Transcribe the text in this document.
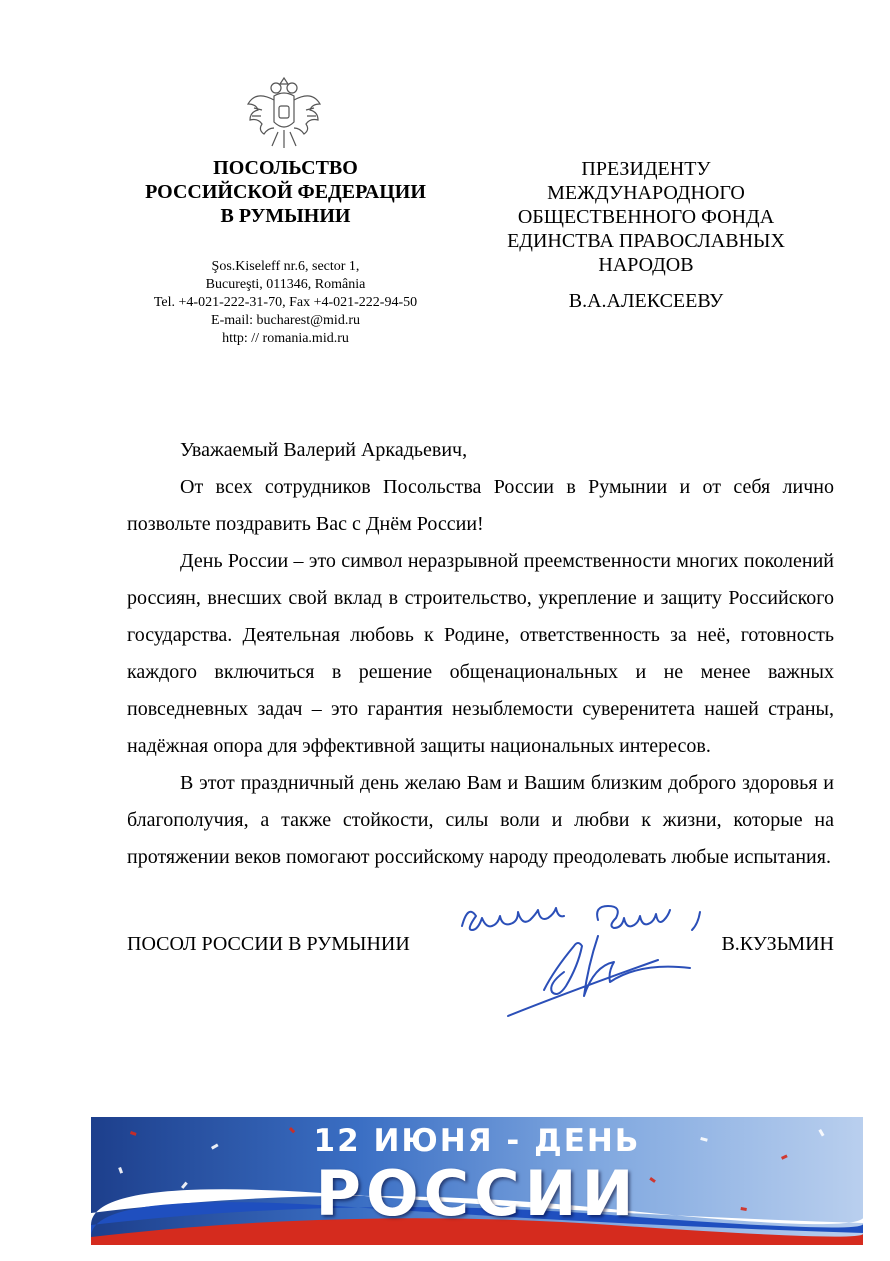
ПОСОЛЬСТВО
РОССИЙСКОЙ ФЕДЕРАЦИИ
В РУМЫНИИ
Şos.Kiseleff nr.6, sector 1,
Bucureşti, 011346, România
Tel. +4-021-222-31-70, Fax +4-021-222-94-50
E-mail: bucharest@mid.ru
http: // romania.mid.ru
ПРЕЗИДЕНТУ
МЕЖДУНАРОДНОГО
ОБЩЕСТВЕННОГО ФОНДА
ЕДИНСТВА ПРАВОСЛАВНЫХ
НАРОДОВ
В.А.АЛЕКСЕЕВУ

Уважаемый Валерий Аркадьевич,

От всех сотрудников Посольства России в Румынии и от себя лично позвольте поздравить Вас с Днём России!

День России – это символ неразрывной преемственности многих поколений россиян, внесших свой вклад в строительство, укрепление и защиту Российского государства. Деятельная любовь к Родине, ответственность за неё, готовность каждого включиться в решение общенациональных и не менее важных повседневных задач – это гарантия незыблемости суверенитета нашей страны, надёжная опора для эффективной защиты национальных интересов.

В этот праздничный день желаю Вам и Вашим близким доброго здоровья и благополучия, а также стойкости, силы воли и любви к жизни, которые на протяжении веков помогают российскому народу преодолевать любые испытания.

ПОСОЛ РОССИИ В РУМЫНИИ	В.КУЗЬМИН
12 ИЮНЯ - ДЕНЬ
РОССИИ
